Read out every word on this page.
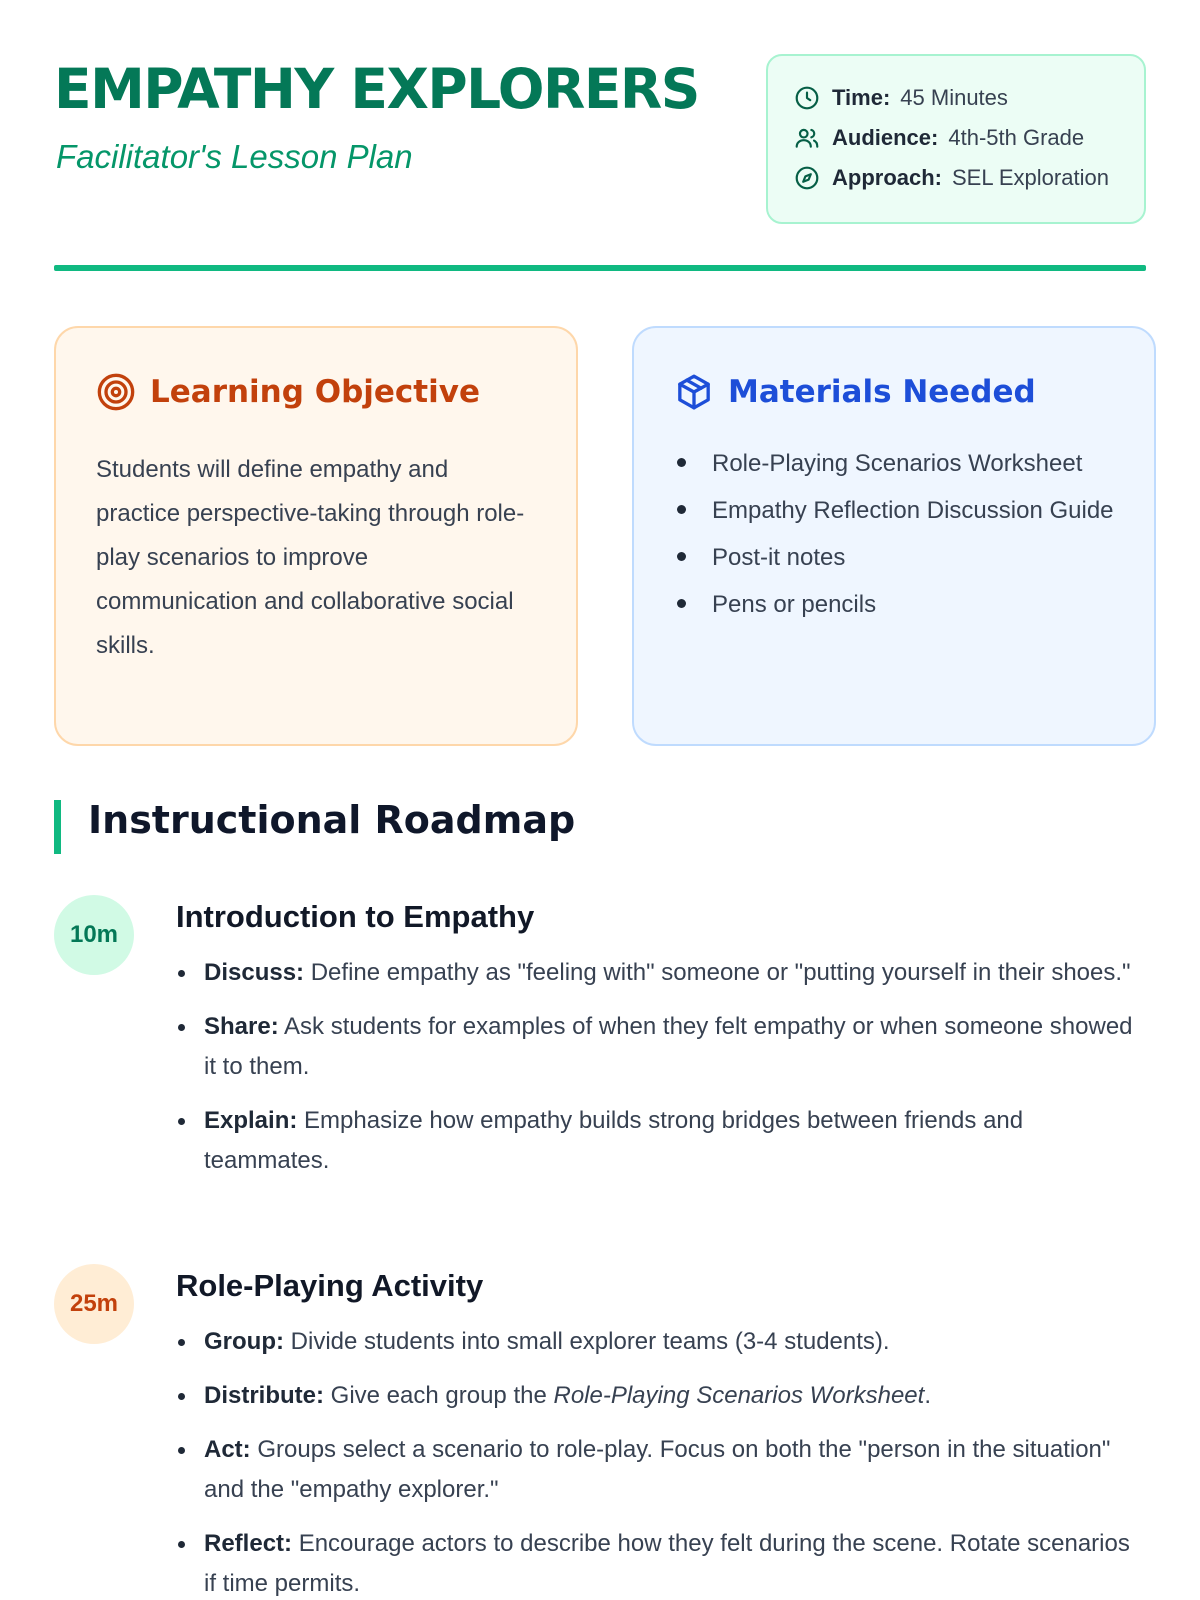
EMPATHY EXPLORERS
Facilitator's Lesson Plan
Time: 45 Minutes
Audience: 4th-5th Grade
Approach: SEL Exploration
Learning Objective

Students will define empathy and practice perspective-taking through role-play scenarios to improve communication and collaborative social skills.

Materials Needed
Role-Playing Scenarios Worksheet
Empathy Reflection Discussion Guide
Post-it notes
Pens or pencils
Instructional Roadmap
10m
Introduction to Empathy
Discuss: Define empathy as "feeling with" someone or "putting yourself in their shoes."
Share: Ask students for examples of when they felt empathy or when someone showed it to them.
Explain: Emphasize how empathy builds strong bridges between friends and teammates.
25m
Role-Playing Activity
Group: Divide students into small explorer teams (3-4 students).
Distribute: Give each group the Role-Playing Scenarios Worksheet.
Act: Groups select a scenario to role-play. Focus on both the "person in the situation" and the "empathy explorer."
Reflect: Encourage actors to describe how they felt during the scene. Rotate scenarios if time permits.
